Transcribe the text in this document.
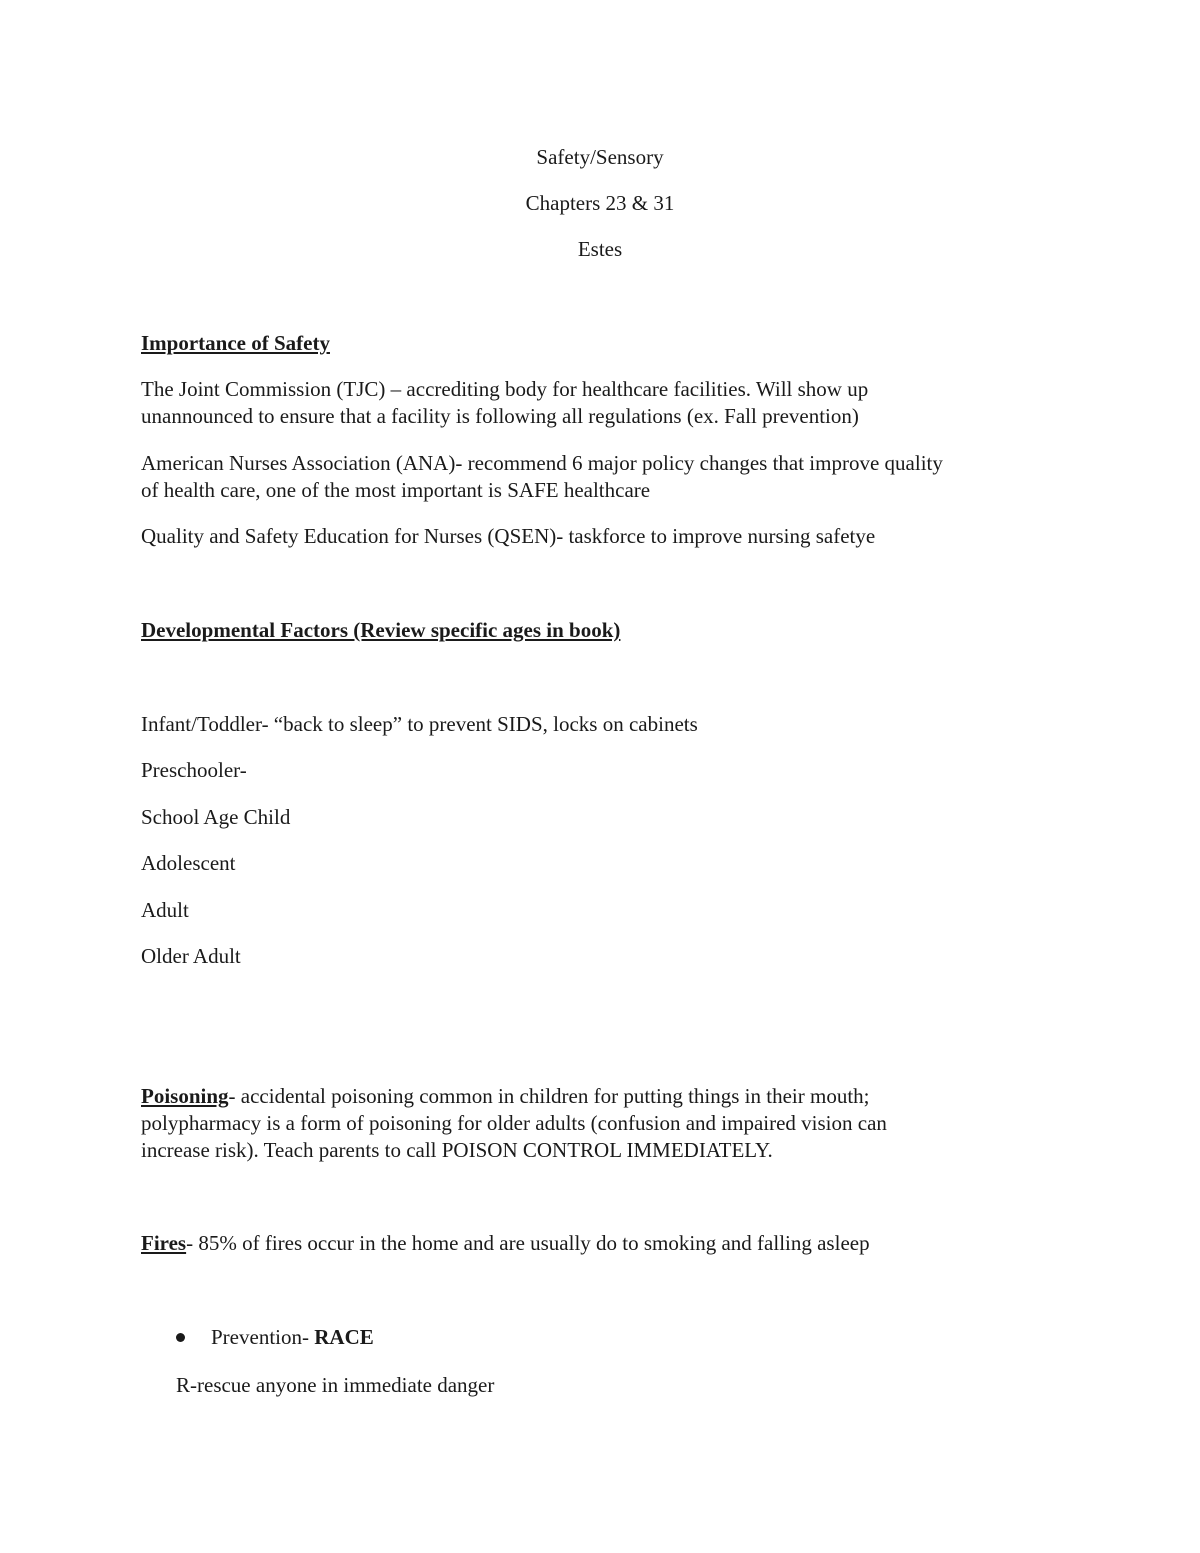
Safety/Sensory
Chapters 23 & 31
Estes
Importance of Safety
The Joint Commission (TJC) – accrediting body for healthcare facilities. Will show up
unannounced to ensure that a facility is following all regulations (ex. Fall prevention)
American Nurses Association (ANA)- recommend 6 major policy changes that improve quality
of health care, one of the most important is SAFE healthcare
Quality and Safety Education for Nurses (QSEN)- taskforce to improve nursing safetye
Developmental Factors (Review specific ages in book)
Infant/Toddler- “back to sleep” to prevent SIDS, locks on cabinets
Preschooler-
School Age Child
Adolescent
Adult
Older Adult
Poisoning- accidental poisoning common in children for putting things in their mouth;
polypharmacy is a form of poisoning for older adults (confusion and impaired vision can
increase risk). Teach parents to call POISON CONTROL IMMEDIATELY.
Fires- 85% of fires occur in the home and are usually do to smoking and falling asleep
Prevention- RACE
R-rescue anyone in immediate danger
